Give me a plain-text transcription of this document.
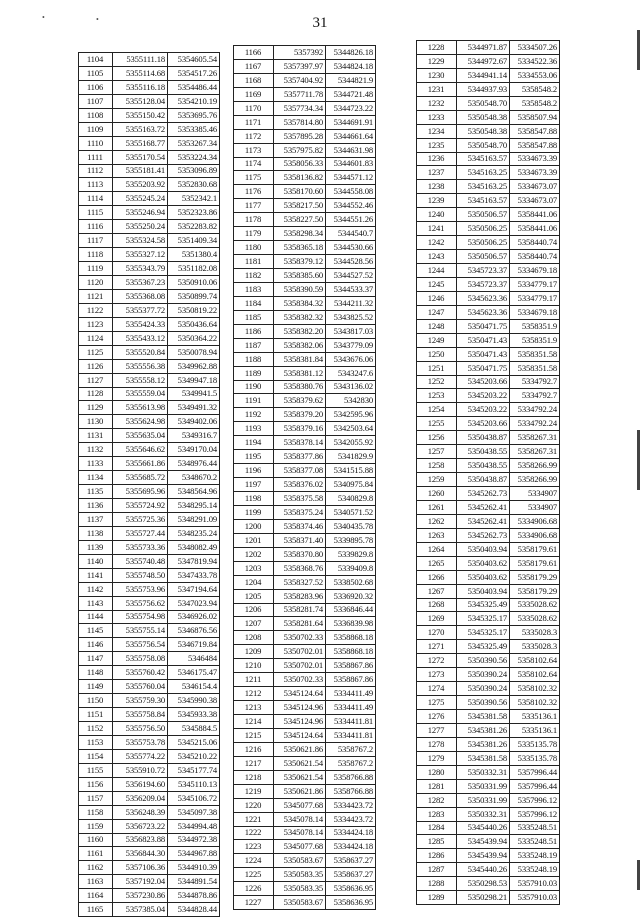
31
•	•
1104	5355111.18	5354605.54
1105	5355114.68	5354517.26
1106	5355116.18	5354486.44
1107	5355128.04	5354210.19
1108	5355150.42	5353695.76
1109	5355163.72	5353385.46
1110	5355168.77	5353267.34
1111	5355170.54	5353224.34
1112	5355181.41	5353096.89
1113	5355203.92	5352830.68
1114	5355245.24	5352342.1
1115	5355246.94	5352323.86
1116	5355250.24	5352283.82
1117	5355324.58	5351409.34
1118	5355327.12	5351380.4
1119	5355343.79	5351182.08
1120	5355367.23	5350910.06
1121	5355368.08	5350899.74
1122	5355377.72	5350819.22
1123	5355424.33	5350436.64
1124	5355433.12	5350364.22
1125	5355520.84	5350078.94
1126	5355556.38	5349962.88
1127	5355558.12	5349947.18
1128	5355559.04	5349941.5
1129	5355613.98	5349491.32
1130	5355624.98	5349402.06
1131	5355635.04	5349316.7
1132	5355646.62	5349170.04
1133	5355661.86	5348976.44
1134	5355685.72	5348670.2
1135	5355695.96	5348564.96
1136	5355724.92	5348295.14
1137	5355725.36	5348291.09
1138	5355727.44	5348235.24
1139	5355733.36	5348082.49
1140	5355740.48	5347819.94
1141	5355748.50	5347433.78
1142	5355753.96	5347194.64
1143	5355756.62	5347023.94
1144	5355754.98	5346926.02
1145	5355755.14	5346876.56
1146	5355756.54	5346719.84
1147	5355758.08	5346484
1148	5355760.42	5346175.47
1149	5355760.04	5346154.4
1150	5355759.30	5345990.38
1151	5355758.84	5345933.38
1152	5355756.50	5345884.5
1153	5355753.78	5345215.06
1154	5355774.22	5345210.22
1155	5355910.72	5345177.74
1156	5356194.60	5345110.13
1157	5356209.04	5345106.72
1158	5356248.39	5345097.38
1159	5356723.22	5344994.48
1160	5356823.88	5344972.38
1161	5356844.30	5344967.88
1162	5357106.36	5344910.39
1163	5357192.04	5344891.54
1164	5357230.86	5344878.86
1165	5357385.04	5344828.44
1166	5357392	5344826.18
1167	5357397.97	5344824.18
1168	5357404.92	5344821.9
1169	5357711.78	5344721.48
1170	5357734.34	5344723.22
1171	5357814.80	5344691.91
1172	5357895.28	5344661.64
1173	5357975.82	5344631.98
1174	5358056.33	5344601.83
1175	5358136.82	5344571.12
1176	5358170.60	5344558.08
1177	5358217.50	5344552.46
1178	5358227.50	5344551.26
1179	5358298.34	5344540.7
1180	5358365.18	5344530.66
1181	5358379.12	5344528.56
1182	5358385.60	5344527.52
1183	5358390.59	5344533.37
1184	5358384.32	5344211.32
1185	5358382.32	5343825.52
1186	5358382.20	5343817.03
1187	5358382.06	5343779.09
1188	5358381.84	5343676.06
1189	5358381.12	5343247.6
1190	5358380.76	5343136.02
1191	5358379.62	5342830
1192	5358379.20	5342595.96
1193	5358379.16	5342503.64
1194	5358378.14	5342055.92
1195	5358377.86	5341829.9
1196	5358377.08	5341515.88
1197	5358376.02	5340975.84
1198	5358375.58	5340829.8
1199	5358375.24	5340571.52
1200	5358374.46	5340435.78
1201	5358371.40	5339895.78
1202	5358370.80	5339829.8
1203	5358368.76	5339409.8
1204	5358327.52	5338502.68
1205	5358283.96	5336920.32
1206	5358281.74	5336846.44
1207	5358281.64	5336839.98
1208	5350702.33	5358868.18
1209	5350702.01	5358868.18
1210	5350702.01	5358867.86
1211	5350702.33	5358867.86
1212	5345124.64	5334411.49
1213	5345124.96	5334411.49
1214	5345124.96	5334411.81
1215	5345124.64	5334411.81
1216	5350621.86	5358767.2
1217	5350621.54	5358767.2
1218	5350621.54	5358766.88
1219	5350621.86	5358766.88
1220	5345077.68	5334423.72
1221	5345078.14	5334423.72
1222	5345078.14	5334424.18
1223	5345077.68	5334424.18
1224	5350583.67	5358637.27
1225	5350583.35	5358637.27
1226	5350583.35	5358636.95
1227	5350583.67	5358636.95
1228	5344971.87	5334507.26
1229	5344972.67	5334522.36
1230	5344941.14	5334553.06
1231	5344937.93	5358548.2
1232	5350548.70	5358548.2
1233	5350548.38	5358507.94
1234	5350548.38	5358547.88
1235	5350548.70	5358547.88
1236	5345163.57	5334673.39
1237	5345163.25	5334673.39
1238	5345163.25	5334673.07
1239	5345163.57	5334673.07
1240	5350506.57	5358441.06
1241	5350506.25	5358441.06
1242	5350506.25	5358440.74
1243	5350506.57	5358440.74
1244	5345723.37	5334679.18
1245	5345723.37	5334779.17
1246	5345623.36	5334779.17
1247	5345623.36	5334679.18
1248	5350471.75	5358351.9
1249	5350471.43	5358351.9
1250	5350471.43	5358351.58
1251	5350471.75	5358351.58
1252	5345203.66	5334792.7
1253	5345203.22	5334792.7
1254	5345203.22	5334792.24
1255	5345203.66	5334792.24
1256	5350438.87	5358267.31
1257	5350438.55	5358267.31
1258	5350438.55	5358266.99
1259	5350438.87	5358266.99
1260	5345262.73	5334907
1261	5345262.41	5334907
1262	5345262.41	5334906.68
1263	5345262.73	5334906.68
1264	5350403.94	5358179.61
1265	5350403.62	5358179.61
1266	5350403.62	5358179.29
1267	5350403.94	5358179.29
1268	5345325.49	5335028.62
1269	5345325.17	5335028.62
1270	5345325.17	5335028.3
1271	5345325.49	5335028.3
1272	5350390.56	5358102.64
1273	5350390.24	5358102.64
1274	5350390.24	5358102.32
1275	5350390.56	5358102.32
1276	5345381.58	5335136.1
1277	5345381.26	5335136.1
1278	5345381.26	5335135.78
1279	5345381.58	5335135.78
1280	5350332.31	5357996.44
1281	5350331.99	5357996.44
1282	5350331.99	5357996.12
1283	5350332.31	5357996.12
1284	5345440.26	5335248.51
1285	5345439.94	5335248.51
1286	5345439.94	5335248.19
1287	5345440.26	5335248.19
1288	5350298.53	5357910.03
1289	5350298.21	5357910.03
